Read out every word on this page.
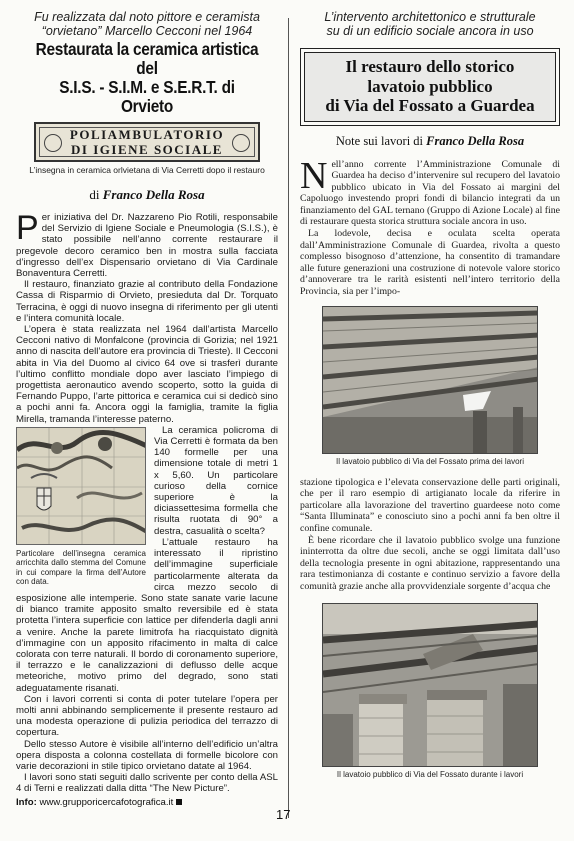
Fu realizzata dal noto pittore e ceramista
“orvietano” Marcello Cecconi nel 1964
Restaurata la ceramica artistica del
S.I.S. - S.I.M. e S.E.R.T. di Orvieto
POLIAMBULATORIO
DI IGIENE SOCIALE
L’insegna in ceramica orlvietana di Via Cerretti dopo il restauro
di Franco Della Rosa

Per iniziativa del Dr. Nazzareno Pio Rotili, responsabile del Servizio di Igiene Sociale e Pneumologia (S.I.S.), è stato possibile nell’anno corrente restaurare il pregevole decoro ceramico ben in mostra sulla facciata d’ingresso dell’ex Dispensario orvietano di Via Cardinale Bonaventura Cerretti.

Il restauro, finanziato grazie al contributo della Fondazione Cassa di Risparmio di Orvieto, presieduta dal Dr. Torquato Terracina, è oggi di nuovo insegna di riferimento per gli utenti e l’intera comunità locale.

L’opera è stata realizzata nel 1964 dall’artista Marcello Cecconi nativo di Monfalcone (provincia di Gorizia; nel 1921 anno di nascita dell’autore era provincia di Trieste). Il Cecconi abita in Via del Duomo al civico 64 ove si trasferì durante l’ultimo conflitto mondiale dopo aver lasciato l’impiego di progettista aeronautico avendo scoperto, sotto la guida di Fernando Puppo, l’arte pittorica e ceramica cui si dedicò sino a pochi anni fa. Ancora oggi la famiglia, tramite la figlia Mirella, tramanda l’interesse paterno.

Particolare dell’insegna ceramica arricchita dallo stemma del Comune in cui compare la firma dell’Autore con data.

La ceramica policroma di Via Cerretti è formata da ben 140 formelle per una dimensione totale di metri 1 x 5,60. Un particolare curioso della cornice superiore è la diciassettesima formella che risulta ruotata di 90° a destra, casualità o scelta?

L’attuale restauro ha interessato il ripristino dell’immagine superficiale particolarmente alterata da circa mezzo secolo di esposizione alle intemperie. Sono state sanate varie lacune di bianco tramite apposito smalto reversibile ed è stata protetta l’intera superficie con lattice per difenderla dagli anni a venire. Anche la parete limitrofa ha riacquistato dignità d’immagine con un apposito rifacimento in malta di calce colorata con terre naturali. Il bordo di coronamento superiore, il terrazzo e le canalizzazioni di deflusso delle acque meteoriche, motivo primo del degrado, sono stati adeguatamente risanati.

Con i lavori correnti si conta di poter tutelare l’opera per molti anni abbinando semplicemente il presente restauro ad una modesta operazione di pulizia periodica del terrazzo di copertura.

Dello stesso Autore è visibile all’interno dell’edificio un’altra opera disposta a colonna costellata di formelle bicolore con varie decorazioni in stile tipico orvietano datate al 1964.

I lavori sono stati seguiti dallo scrivente per conto della ASL 4 di Terni e realizzati dalla ditta “The New Picture”.

Info: www.grupporicercafotografica.it
L’intervento architettonico e strutturale
su di un edificio sociale ancora in uso
Il restauro dello storico
lavatoio pubblico
di Via del Fossato a Guardea
Note sui lavori di Franco Della Rosa

Nell’anno corrente l’Amministrazione Comunale di Guardea ha deciso d’intervenire sul recupero del lavatoio pubblico ubicato in Via del Fossato ai margini del Capoluogo investendo propri fondi di bilancio integrati da un finanziamento del GAL ternano (Gruppo di Azione Locale) al fine di restaurare questa storica struttura sociale ancora in uso.

La lodevole, decisa e oculata scelta operata dall’Amministrazione Comunale di Guardea, rivolta a questo complesso bisognoso d’attenzione, ha consentito di tramandare alle future generazioni una costruzione di notevole valore storico d’annoverare tra le rarità esistenti nell’intero territorio della Provincia, sia per l’impo-

Il lavatoio pubblico di Via del Fossato prima dei lavori

stazione tipologica e l’elevata conservazione delle parti originali, che per il raro esempio di artigianato locale da riferire in particolare alla lavorazione del travertino guardeese noto come “Santa Illuminata” e conosciuto sino a pochi anni fa ben oltre il confine comunale.

È bene ricordare che il lavatoio pubblico svolge una funzione ininterrotta da oltre due secoli, anche se oggi limitata dall’uso della tecnologia presente in ogni abitazione, rappresentando una rara testimonianza di costante e continuo servizio a favore della comunità grazie anche alla provvidenziale sorgente d’acqua che

Il lavatoio pubblico di Via del Fossato durante i lavori
17
